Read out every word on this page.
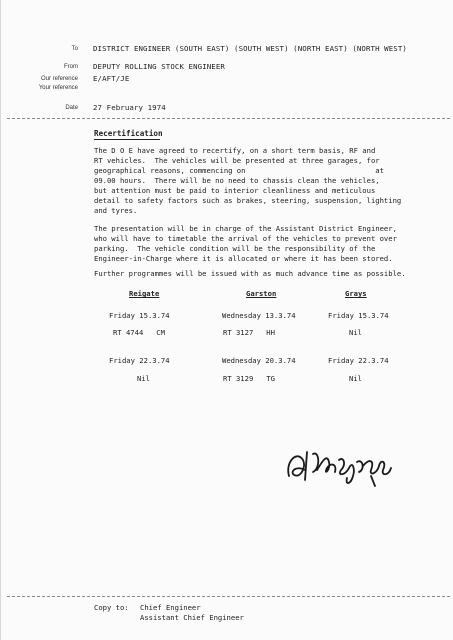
To DISTRICT ENGINEER (SOUTH EAST) (SOUTH WEST) (NORTH EAST) (NORTH WEST)
From DEPUTY ROLLING STOCK ENGINEER
Our reference E/AFT/JE
Your reference
Date 27 February 1974
Recertification
The D O E have agreed to recertify, on a short term basis, RF and
RT vehicles.  The vehicles will be presented at three garages, for
geographical reasons, commencing on                              at
09.00 hours.  There will be no need to chassis clean the vehicles,
but attention must be paid to interior cleanliness and meticulous
detail to safety factors such as brakes, steering, suspension, lighting
and tyres.
The presentation will be in charge of the Assistant District Engineer,
who will have to timetable the arrival of the vehicles to prevent over
parking.  The vehicle condition will be the responsibility of the
Engineer-in-Charge where it is allocated or where it has been stored.
Further programmes will be issued with as much advance time as possible.
Reigate
Friday 15.3.74
RT 4744   CM
Friday 22.3.74
Nil
Garston
Wednesday 13.3.74
RT 3127   HH
Wednesday 20.3.74
RT 3129   TG
Grays
Friday 15.3.74
Nil
Friday 22.3.74
Nil
Copy to: Chief Engineer
Assistant Chief Engineer
